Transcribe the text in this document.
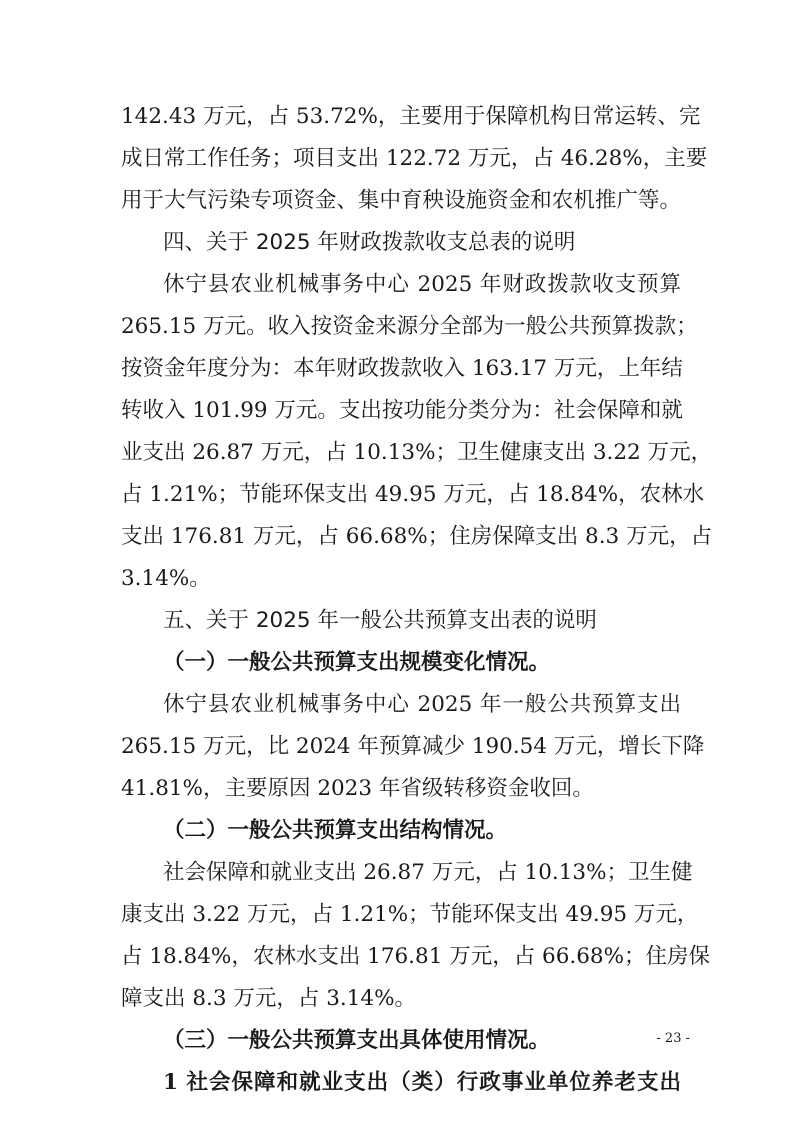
142.43 万元，占 53.72%，主要用于保障机构日常运转、完
成日常工作任务；项目支出 122.72 万元，占 46.28%，主要
用于大气污染专项资金、集中育秧设施资金和农机推广等。
四、关于 2025 年财政拨款收支总表的说明
休宁县农业机械事务中心 2025 年财政拨款收支预算
265.15 万元。收入按资金来源分全部为一般公共预算拨款；
按资金年度分为：本年财政拨款收入 163.17 万元，上年结
转收入 101.99 万元。支出按功能分类分为：社会保障和就
业支出 26.87 万元，占 10.13%；卫生健康支出 3.22 万元，
占 1.21%；节能环保支出 49.95 万元，占 18.84%，农林水
支出 176.81 万元，占 66.68%；住房保障支出 8.3 万元，占
3.14%。
五、关于 2025 年一般公共预算支出表的说明
（一）一般公共预算支出规模变化情况。
休宁县农业机械事务中心 2025 年一般公共预算支出
265.15 万元，比 2024 年预算减少 190.54 万元，增长下降
41.81%，主要原因 2023 年省级转移资金收回。
（二）一般公共预算支出结构情况。
社会保障和就业支出 26.87 万元，占 10.13%；卫生健
康支出 3.22 万元，占 1.21%；节能环保支出 49.95 万元，
占 18.84%，农林水支出 176.81 万元，占 66.68%；住房保
障支出 8.3 万元，占 3.14%。
（三）一般公共预算支出具体使用情况。
1 社会保障和就业支出（类）行政事业单位养老支出
- 23 -
